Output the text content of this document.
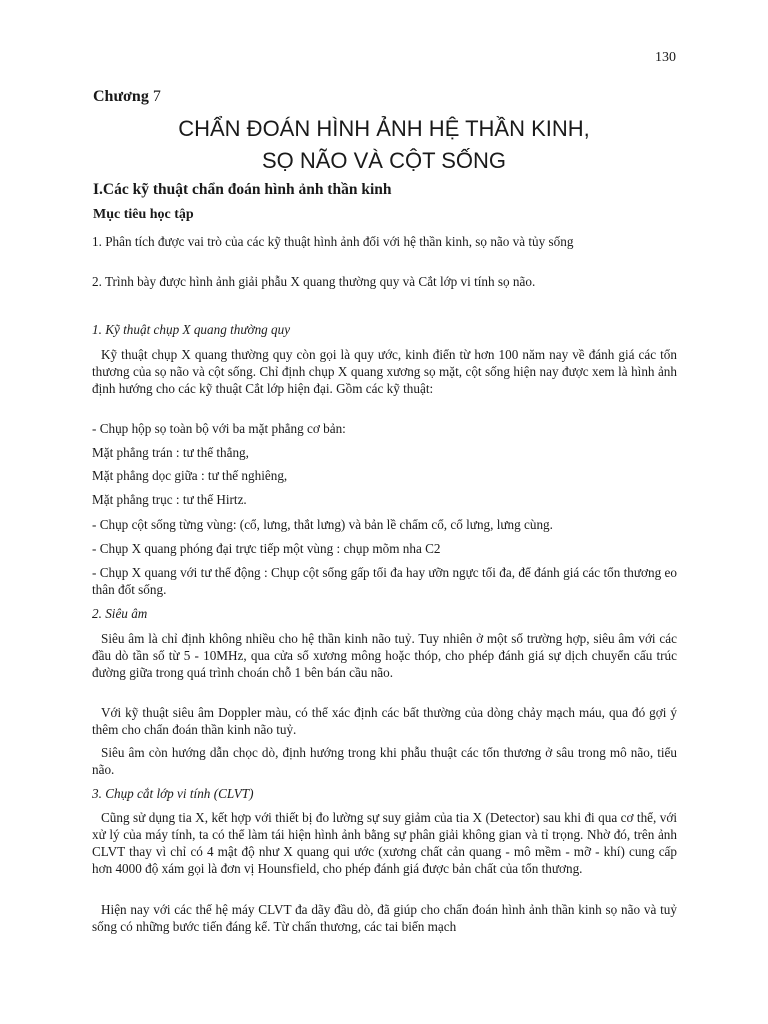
130
Chương 7
CHẨN ĐOÁN HÌNH ẢNH HỆ THẦN KINH,
SỌ NÃO VÀ CỘT SỐNG
I.Các kỹ thuật chẩn đoán hình ảnh thần kinh
Mục tiêu học tập

1. Phân tích được vai trò của các kỹ thuật hình ảnh đối với hệ thần kinh, sọ não và tủy sống

2. Trình bày được hình ảnh giải phẫu X quang thường quy và Cắt lớp vi tính sọ não.

1. Kỹ thuật chụp X quang thường quy

Kỹ thuật chụp X quang thường quy còn gọi là quy ước, kinh điển từ hơn 100 năm nay về đánh giá các tổn thương của sọ não và cột sống. Chỉ định chụp X quang xương sọ mặt, cột sống hiện nay được xem là hình ảnh định hướng cho các kỹ thuật Cắt lớp hiện đại. Gồm các kỹ thuật:

- Chụp hộp sọ toàn bộ với ba mặt phẳng cơ bản:

Mặt phẳng trán : tư thế thẳng,

Mặt phẳng dọc giữa : tư thế nghiêng,

Mặt phẳng trục : tư thế Hirtz.

- Chụp cột sống từng vùng: (cổ, lưng, thắt lưng) và bản lề chẩm cổ, cổ lưng, lưng cùng.

- Chụp X quang phóng đại trực tiếp một vùng : chụp mõm nha C2

- Chụp X quang với tư thế động : Chụp cột sống gấp tối đa hay ưỡn ngực tối đa, để đánh giá các tổn thương eo thân đốt sống.

2. Siêu âm

Siêu âm là chỉ định không nhiều cho hệ thần kinh não tuỷ. Tuy nhiên ở một số trường hợp, siêu âm với các đầu dò tần số từ 5 - 10MHz, qua cửa sổ xương mông hoặc thóp, cho phép đánh giá sự dịch chuyển cấu trúc đường giữa trong quá trình choán chỗ 1 bên bán cầu não.

Với kỹ thuật siêu âm Doppler màu, có thể xác định các bất thường của dòng chảy mạch máu, qua đó gợi ý thêm cho chẩn đoán thần kinh não tuỷ.

Siêu âm còn hướng dẫn chọc dò, định hướng trong khi phẫu thuật các tổn thương ở sâu trong mô não, tiểu não.

3. Chụp cắt lớp vi tính (CLVT)

Cũng sử dụng tia X, kết hợp với thiết bị đo lường sự suy giảm của tia X (Detector) sau khi đi qua cơ thể, với xử lý của máy tính, ta có thể làm tái hiện hình ảnh bằng sự phân giải không gian và tỉ trọng. Nhờ đó, trên ảnh CLVT thay vì chỉ có 4 mật độ như X quang qui ước (xương chất cản quang - mô mềm - mỡ - khí) cung cấp hơn 4000 độ xám gọi là đơn vị Hounsfield, cho phép đánh giá được bản chất của tổn thương.

Hiện nay với các thế hệ máy CLVT đa dãy đầu dò, đã giúp cho chẩn đoán hình ảnh thần kinh sọ não và tuỷ sống có những bước tiến đáng kể. Từ chấn thương, các tai biến mạch
